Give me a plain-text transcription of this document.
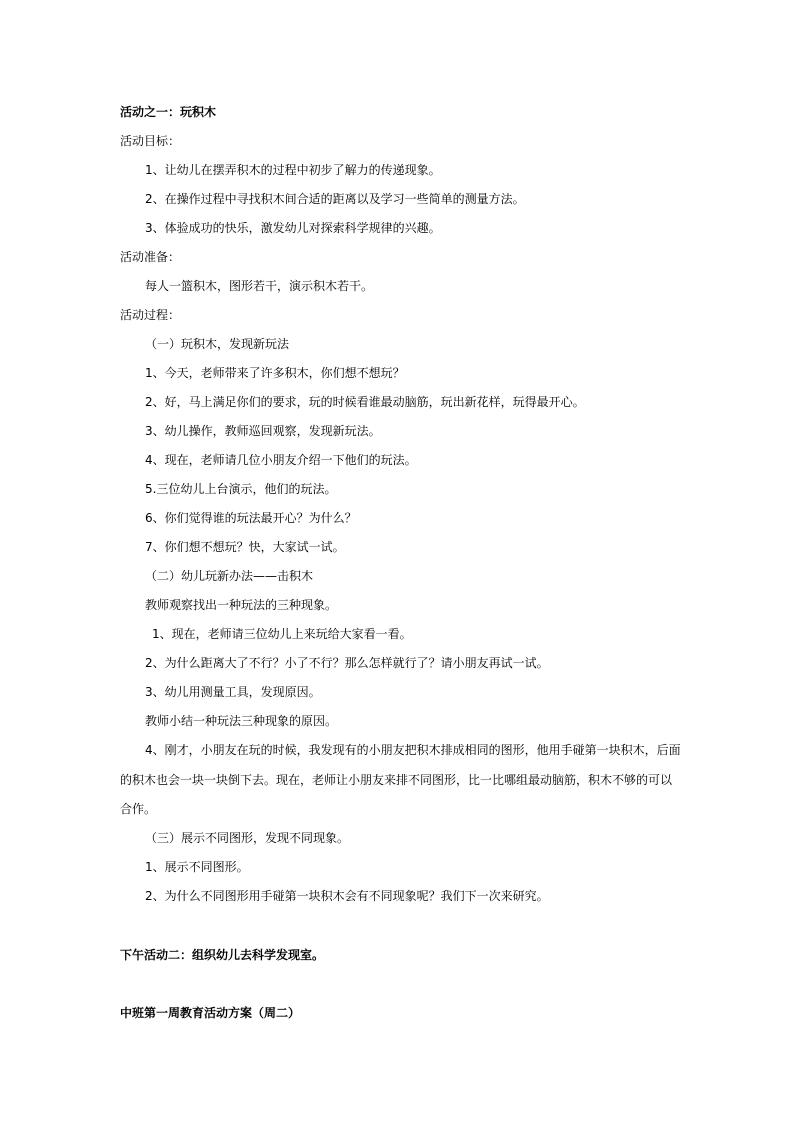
活动之一：玩积木
活动目标：
1、让幼儿在摆弄积木的过程中初步了解力的传递现象。
2、在操作过程中寻找积木间合适的距离以及学习一些简单的测量方法。
3、体验成功的快乐，激发幼儿对探索科学规律的兴趣。
活动准备：
每人一篮积木，图形若干，演示积木若干。
活动过程：
（一）玩积木，发现新玩法
1、今天，老师带来了许多积木，你们想不想玩？
2、好，马上满足你们的要求，玩的时候看谁最动脑筋，玩出新花样，玩得最开心。
3、幼儿操作，教师巡回观察，发现新玩法。
4、现在，老师请几位小朋友介绍一下他们的玩法。
5.三位幼儿上台演示，他们的玩法。
6、你们觉得谁的玩法最开心？为什么？
7、你们想不想玩？快，大家试一试。
（二）幼儿玩新办法——击积木
教师观察找出一种玩法的三种现象。
1、现在，老师请三位幼儿上来玩给大家看一看。
2、为什么距离大了不行？小了不行？那么怎样就行了？请小朋友再试一试。
3、幼儿用测量工具，发现原因。
教师小结一种玩法三种现象的原因。
4、刚才，小朋友在玩的时候，我发现有的小朋友把积木排成相同的图形，他用手碰第一块积木，后面
的积木也会一块一块倒下去。现在，老师让小朋友来排不同图形，比一比哪组最动脑筋，积木不够的可以
合作。
（三）展示不同图形，发现不同现象。
1、展示不同图形。
2、为什么不同图形用手碰第一块积木会有不同现象呢？我们下一次来研究。
下午活动二：组织幼儿去科学发现室。
中班第一周教育活动方案（周二）
